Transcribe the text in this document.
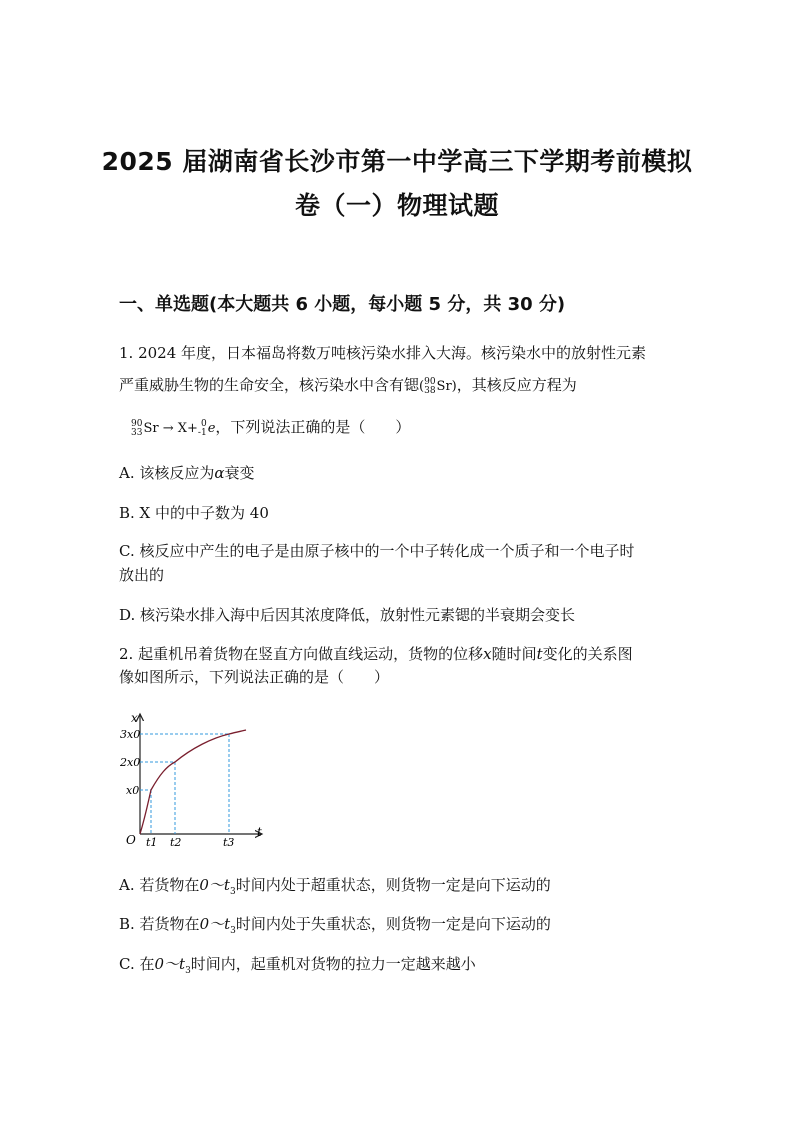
2025 届湖南省长沙市第一中学高三下学期考前模拟
卷（一）物理试题
一、单选题(本大题共 6 小题，每小题 5 分，共 30 分)
1. 2024 年度，日本福岛将数万吨核污染水排入大海。核污染水中的放射性元素
严重威胁生物的生命安全，核污染水中含有锶( 90
38 Sr)，其核反应方程为
90
33 Sr → X+ 0
-1 e，下列说法正确的是（　　）
A. 该核反应为α衰变
B. X 中的中子数为 40
C. 核反应中产生的电子是由原子核中的一个中子转化成一个质子和一个电子时
放出的
D. 核污染水排入海中后因其浓度降低，放射性元素锶的半衰期会变长
2. 起重机吊着货物在竖直方向做直线运动，货物的位移x随时间t变化的关系图
像如图所示，下列说法正确的是（　　）
x
t
O
3x0
2x0
x0
t1 t2	t3
A. 若货物在$0\sim t_3$时间内处于超重状态，则货物一定是向下运动的
B. 若货物在$0\sim t_3$时间内处于失重状态，则货物一定是向下运动的
C. 在$0\sim t_3$时间内，起重机对货物的拉力一定越来越小
